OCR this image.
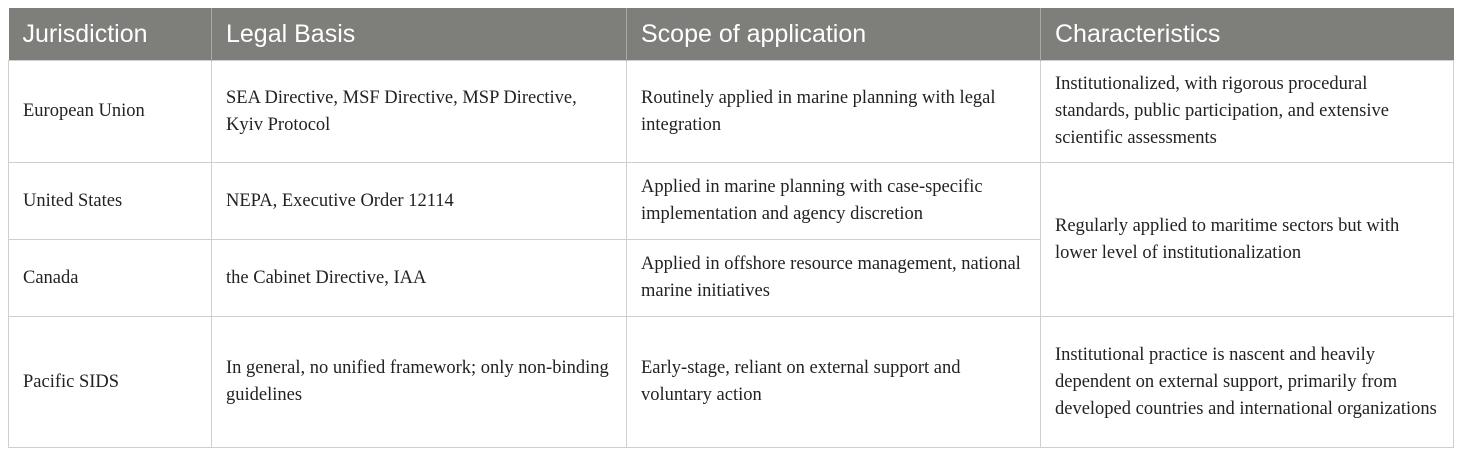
Jurisdiction	Legal Basis	Scope of application	Characteristics
European Union	SEA Directive, MSF Directive, MSP Directive, Kyiv Protocol	Routinely applied in marine planning with legal integration	Institutionalized, with rigorous procedural standards, public participation, and extensive scientific assessments
United States	NEPA, Executive Order 12114	Applied in marine planning with case-specific implementation and agency discretion	Regularly applied to maritime sectors but with lower level of institutionalization
Canada	the Cabinet Directive, IAA	Applied in offshore resource management, national marine initiatives	
Pacific SIDS	In general, no unified framework; only non-binding guidelines	Early-stage, reliant on external support and voluntary action	Institutional practice is nascent and heavily dependent on external support, primarily from developed countries and international organizations
